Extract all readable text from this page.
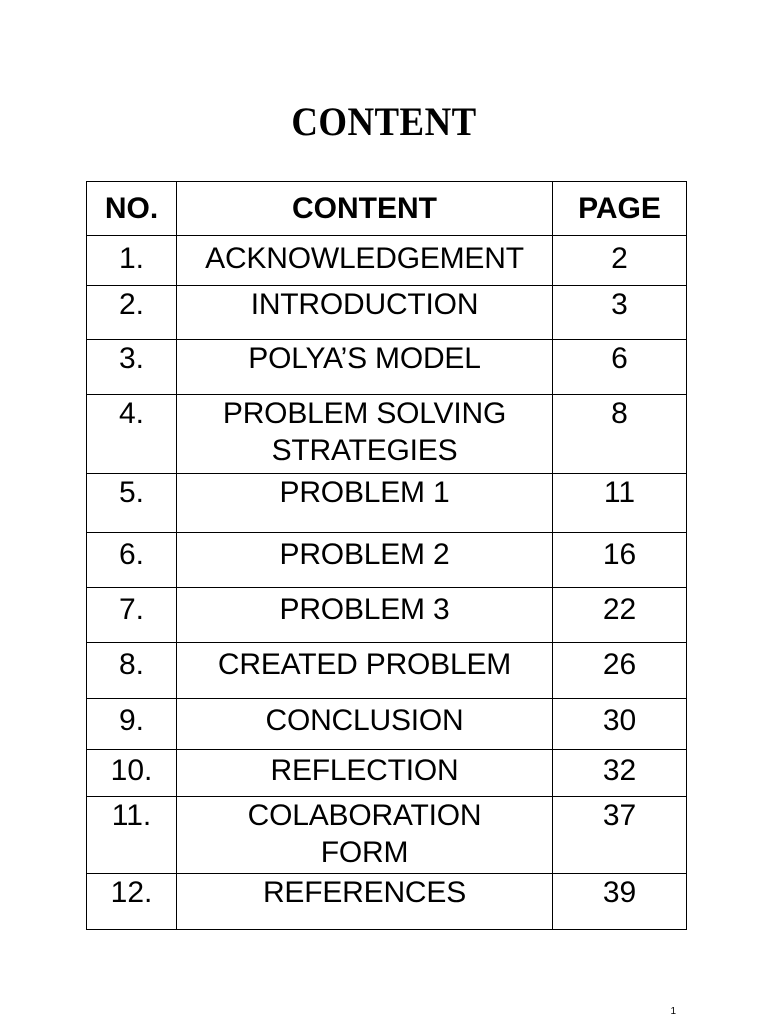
CONTENT
NO.	CONTENT	PAGE
1.	ACKNOWLEDGEMENT	2
2.	INTRODUCTION	3
3.	POLYA’S MODEL	6
4.	PROBLEM SOLVING STRATEGIES	8
5.	PROBLEM 1	11
6.	PROBLEM 2	16
7.	PROBLEM 3	22
8.	CREATED PROBLEM	26
9.	CONCLUSION	30
10.	REFLECTION	32
11.	COLABORATION FORM	37
12.	REFERENCES	39
1
